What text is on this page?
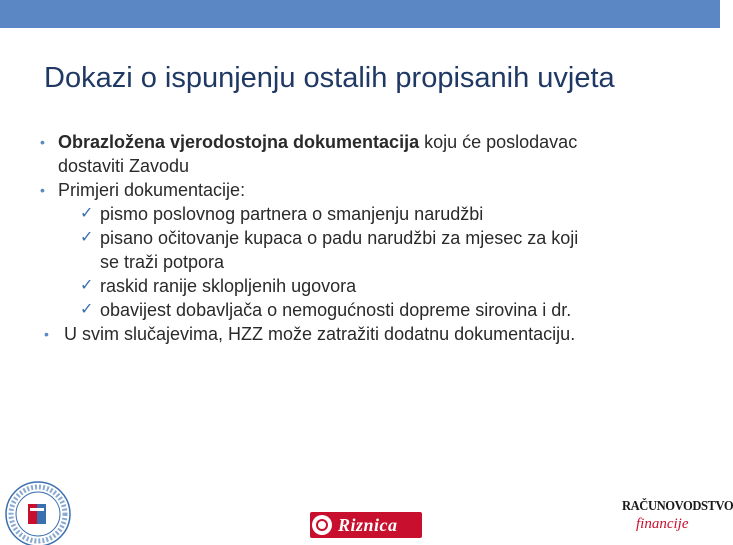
Dokazi o ispunjenju ostalih propisanih uvjeta
• Obrazložena vjerodostojna dokumentacija koju će poslodavac
dostaviti Zavodu
• Primjeri dokumentacije:
✓ pismo poslovnog partnera o smanjenju narudžbi
✓ pisano očitovanje kupaca o padu narudžbi za mjesec za koji
se traži potpora
✓ raskid ranije sklopljenih ugovora
✓ obavijest dobavljača o nemogućnosti dopreme sirovina i dr.
• U svim slučajevima, HZZ može zatražiti dodatnu dokumentaciju.
Riznica
RAČUNOVODSTVO
financije
